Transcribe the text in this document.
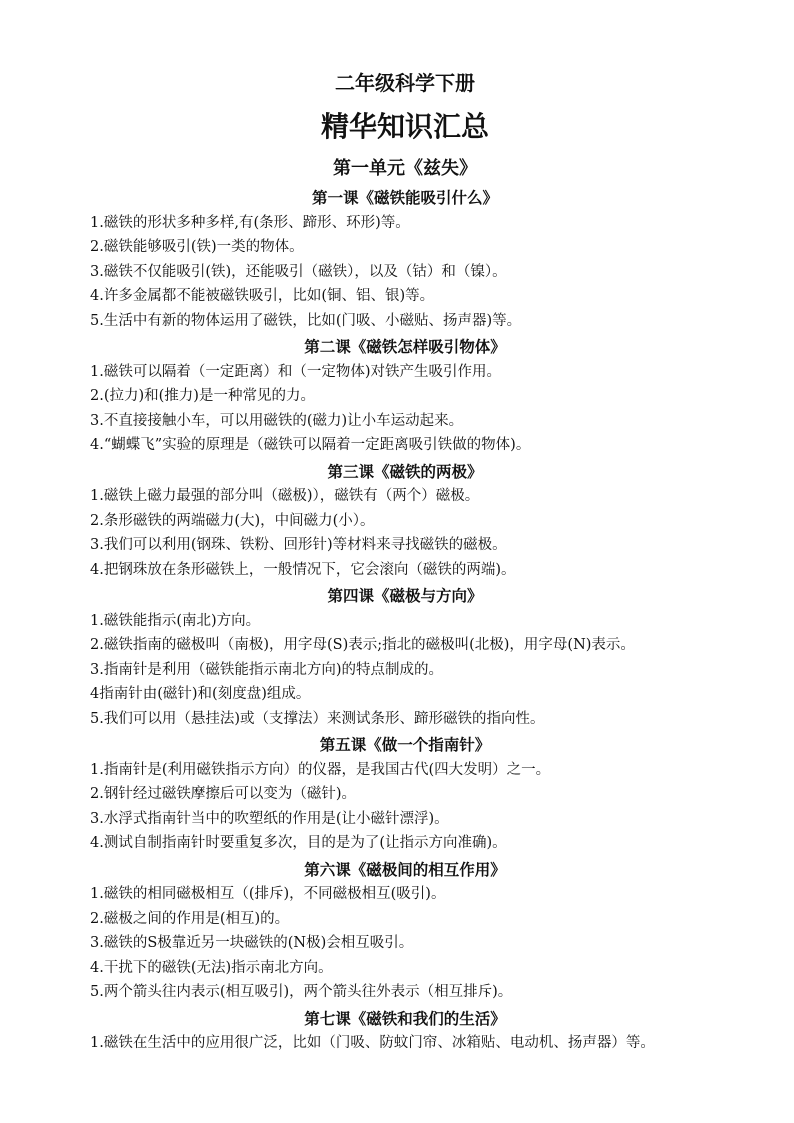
二年级科学下册
精华知识汇总
第一单元《兹失》
第一课《磁铁能吸引什么》
1.磁铁的形状多种多样,有(条形、蹄形、环形)等。
2.磁铁能够吸引(铁)一类的物体。
3.磁铁不仅能吸引(铁)，还能吸引（磁铁），以及（钴）和（镍）。
4.许多金属都不能被磁铁吸引，比如(铜、铝、银)等。
5.生活中有新的物体运用了磁铁，比如(门吸、小磁贴、扬声器)等。
第二课《磁铁怎样吸引物体》
1.磁铁可以隔着（一定距离）和（一定物体)对铁产生吸引作用。
2.(拉力)和(推力)是一种常见的力。
3.不直接接触小车，可以用磁铁的(磁力)让小车运动起来。
4.“蝴蝶飞”实验的原理是（磁铁可以隔着一定距离吸引铁做的物体)。
第三课《磁铁的两极》
1.磁铁上磁力最强的部分叫（磁极)），磁铁有（两个）磁极。
2.条形磁铁的两端磁力(大)，中间磁力(小）。
3.我们可以利用(钢珠、铁粉、回形针)等材料来寻找磁铁的磁极。
4.把钢珠放在条形磁铁上，一般情况下，它会滚向（磁铁的两端)。
第四课《磁极与方向》
1.磁铁能指示(南北)方向。
2.磁铁指南的磁极叫（南极)，用字母(S)表示;指北的磁极叫(北极)，用字母(N)表示。
3.指南针是利用（磁铁能指示南北方向)的特点制成的。
4指南针由(磁针)和(刻度盘)组成。
5.我们可以用（悬挂法)或（支撑法）来测试条形、蹄形磁铁的指向性。
第五课《做一个指南针》
1.指南针是(利用磁铁指示方向）的仪器，是我国古代(四大发明）之一。
2.钢针经过磁铁摩擦后可以变为（磁针)。
3.水浮式指南针当中的吹塑纸的作用是(让小磁针漂浮)。
4.测试自制指南针时要重复多次，目的是为了(让指示方向准确)。
第六课《磁极间的相互作用》
1.磁铁的相同磁极相互（(排斥)，不同磁极相互(吸引)。
2.磁极之间的作用是(相互)的。
3.磁铁的S极靠近另一块磁铁的(N极)会相互吸引。
4.干扰下的磁铁(无法)指示南北方向。
5.两个箭头往内表示(相互吸引)，两个箭头往外表示（相互排斥)。
第七课《磁铁和我们的生活》
1.磁铁在生活中的应用很广泛，比如（门吸、防蚊门帘、冰箱贴、电动机、扬声器）等。
